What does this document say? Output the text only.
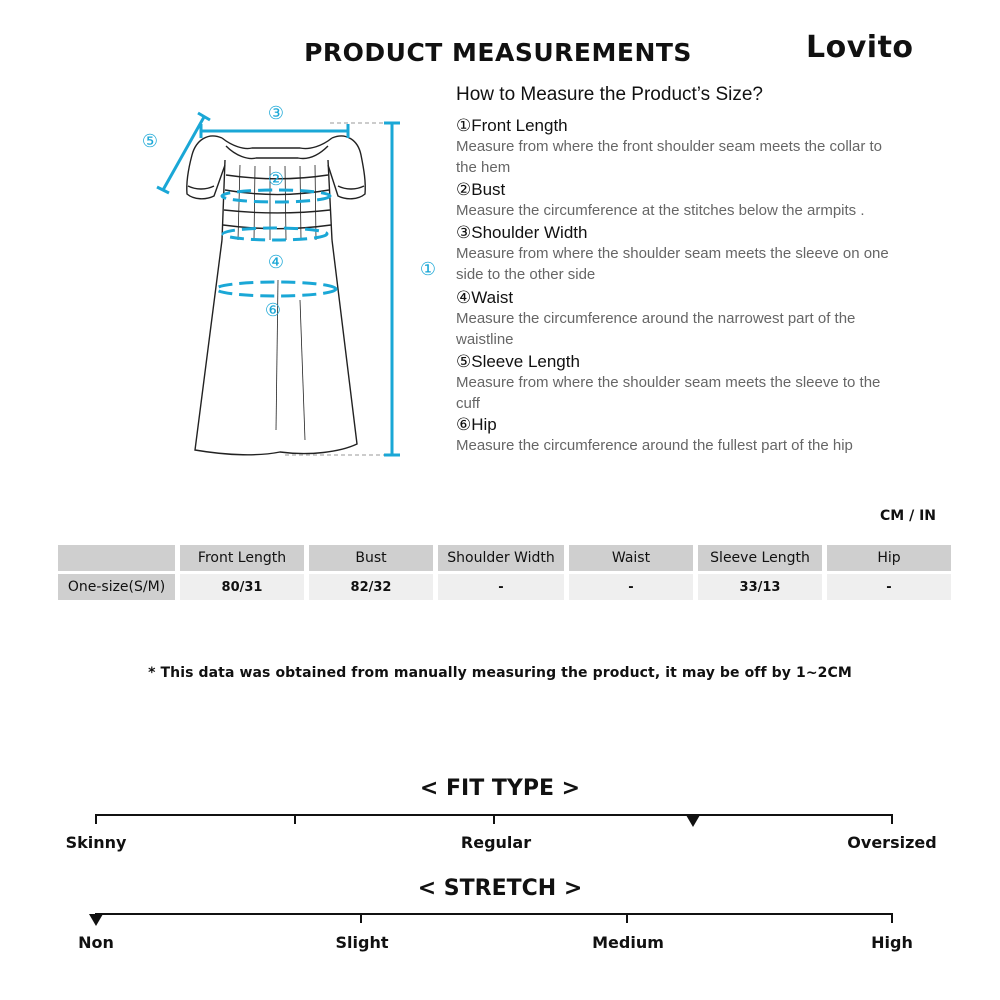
PRODUCT MEASUREMENTS	Lovito
①
②
③
④
⑤
⑥
How to Measure the Product’s Size?
①Front Length
Measure from where the front shoulder seam meets the collar to the hem
②Bust
Measure the circumference at the stitches below the armpits .
③Shoulder Width
Measure from where the shoulder seam meets the sleeve on one side to the other side
④Waist
Measure the circumference around the narrowest part of the waistline
⑤Sleeve Length
Measure from where the shoulder seam meets the sleeve to the cuff
⑥Hip
Measure the circumference around the fullest part of the hip
CM / IN
	Front Length	Bust	Shoulder Width	Waist	Sleeve Length	Hip
One-size(S/M)	80/31	82/32	-	-	33/13	-
* This data was obtained from manually measuring the product, it may be off by 1~2CM
< FIT TYPE >
Skinny	Regular	Oversized
< STRETCH >
Non	Slight	Medium	High
